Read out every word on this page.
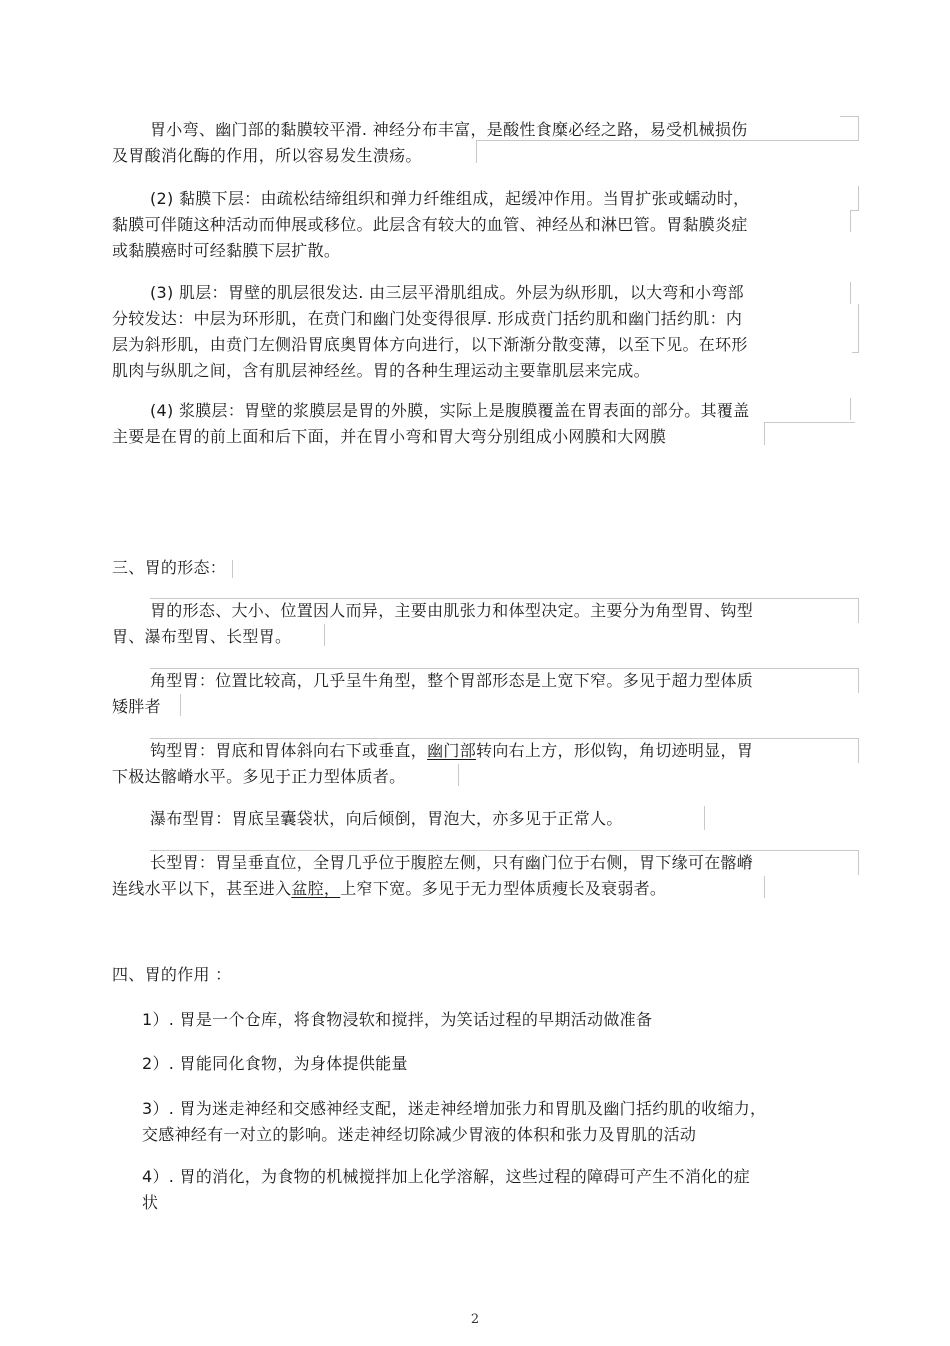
胃小弯、幽门部的黏膜较平滑. 神经分布丰富，是酸性食糜必经之路，易受机械损伤
及胃酸消化酶的作用，所以容易发生溃疡。
(2) 黏膜下层：由疏松结缔组织和弹力纤维组成，起缓冲作用。当胃扩张或蠕动时，
黏膜可伴随这种活动而伸展或移位。此层含有较大的血管、神经丛和淋巴管。胃黏膜炎症
或黏膜癌时可经黏膜下层扩散。
(3) 肌层：胃壁的肌层很发达. 由三层平滑肌组成。外层为纵形肌，以大弯和小弯部
分较发达：中层为环形肌，在贲门和幽门处变得很厚. 形成贲门括约肌和幽门括约肌：内
层为斜形肌，由贲门左侧沿胃底奥胃体方向进行，以下渐渐分散变薄，以至下见。在环形
肌肉与纵肌之间，含有肌层神经丝。胃的各种生理运动主要靠肌层来完成。
(4) 浆膜层：胃壁的浆膜层是胃的外膜，实际上是腹膜覆盖在胃表面的部分。其覆盖
主要是在胃的前上面和后下面，并在胃小弯和胃大弯分别组成小网膜和大网膜
三、胃的形态：
胃的形态、大小、位置因人而异，主要由肌张力和体型决定。主要分为角型胃、钩型
胃、瀑布型胃、长型胃。
角型胃：位置比较高，几乎呈牛角型，整个胃部形态是上宽下窄。多见于超力型体质
矮胖者
钩型胃：胃底和胃体斜向右下或垂直，幽门部转向右上方，形似钩，角切迹明显，胃
下极达髂嵴水平。多见于正力型体质者。
瀑布型胃：胃底呈囊袋状，向后倾倒，胃泡大，亦多见于正常人。
长型胃：胃呈垂直位，全胃几乎位于腹腔左侧，只有幽门位于右侧，胃下缘可在髂嵴
连线水平以下，甚至进入盆腔，上窄下宽。多见于无力型体质瘦长及衰弱者。
四、胃的作用 ：
1）. 胃是一个仓库，将食物浸软和搅拌，为笑话过程的早期活动做准备
2）. 胃能同化食物，为身体提供能量
3）. 胃为迷走神经和交感神经支配，迷走神经增加张力和胃肌及幽门括约肌的收缩力，
交感神经有一对立的影响。迷走神经切除减少胃液的体积和张力及胃肌的活动
4）. 胃的消化，为食物的机械搅拌加上化学溶解，这些过程的障碍可产生不消化的症
状
2
